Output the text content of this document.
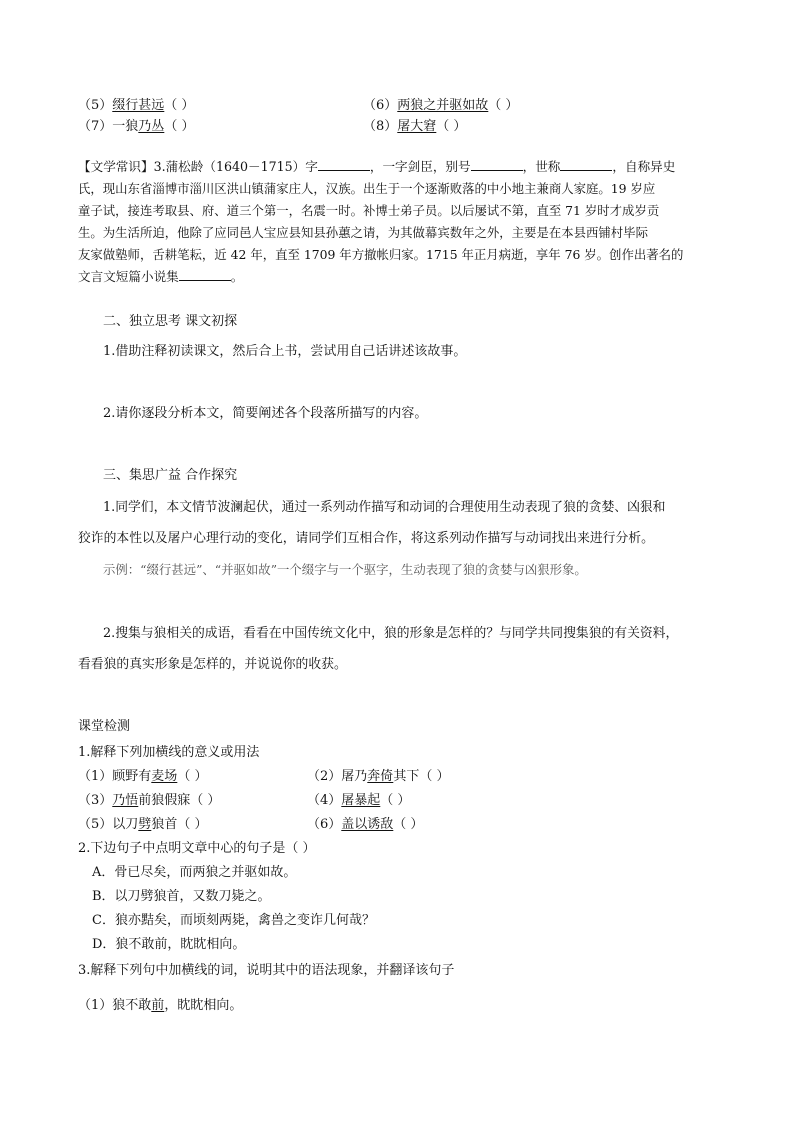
（5）缀行甚远（ ）	（6）两狼之并驱如故（ ）
（7）一狼乃丛（ ）	（8）屠大窘（ ）
【文学常识】3.蒲松龄（1640－1715）字	，一字剑臣，别号	，世称	，自称异史
氏，现山东省淄博市淄川区洪山镇蒲家庄人，汉族。出生于一个逐渐败落的中小地主兼商人家庭。19 岁应
童子试，接连考取县、府、道三个第一，名震一时。补博士弟子员。以后屡试不第，直至 71 岁时才成岁贡
生。为生活所迫，他除了应同邑人宝应县知县孙蕙之请，为其做幕宾数年之外，主要是在本县西铺村毕际
友家做塾师，舌耕笔耘，近 42 年，直至 1709 年方撤帐归家。1715 年正月病逝，享年 76 岁。创作出著名的
文言文短篇小说集	。
二、独立思考 课文初探
1.借助注释初读课文，然后合上书，尝试用自己话讲述该故事。
2.请你逐段分析本文，简要阐述各个段落所描写的内容。
三、集思广益 合作探究
1.同学们，本文情节波澜起伏，通过一系列动作描写和动词的合理使用生动表现了狼的贪婪、凶狠和
狡诈的本性以及屠户心理行动的变化，请同学们互相合作，将这系列动作描写与动词找出来进行分析。
示例：“缀行甚远”、“并驱如故”一个缀字与一个驱字，生动表现了狼的贪婪与凶狠形象。
2.搜集与狼相关的成语，看看在中国传统文化中，狼的形象是怎样的？与同学共同搜集狼的有关资料，
看看狼的真实形象是怎样的，并说说你的收获。
课堂检测
1.解释下列加横线的意义或用法
（1）顾野有麦场（ ）	（2）屠乃奔倚其下（ ）
（3）乃悟前狼假寐（ ）	（4）屠暴起（ ）
（5）以刀劈狼首（ ）	（6）盖以诱敌（ ）
2.下边句子中点明文章中心的句子是（ ）
A．骨已尽矣，而两狼之并驱如故。
B．以刀劈狼首，又数刀毙之。
C．狼亦黠矣，而顷刻两毙，禽兽之变诈几何哉？
D．狼不敢前，眈眈相向。
3.解释下列句中加横线的词，说明其中的语法现象，并翻译该句子
（1）狼不敢前，眈眈相向。
